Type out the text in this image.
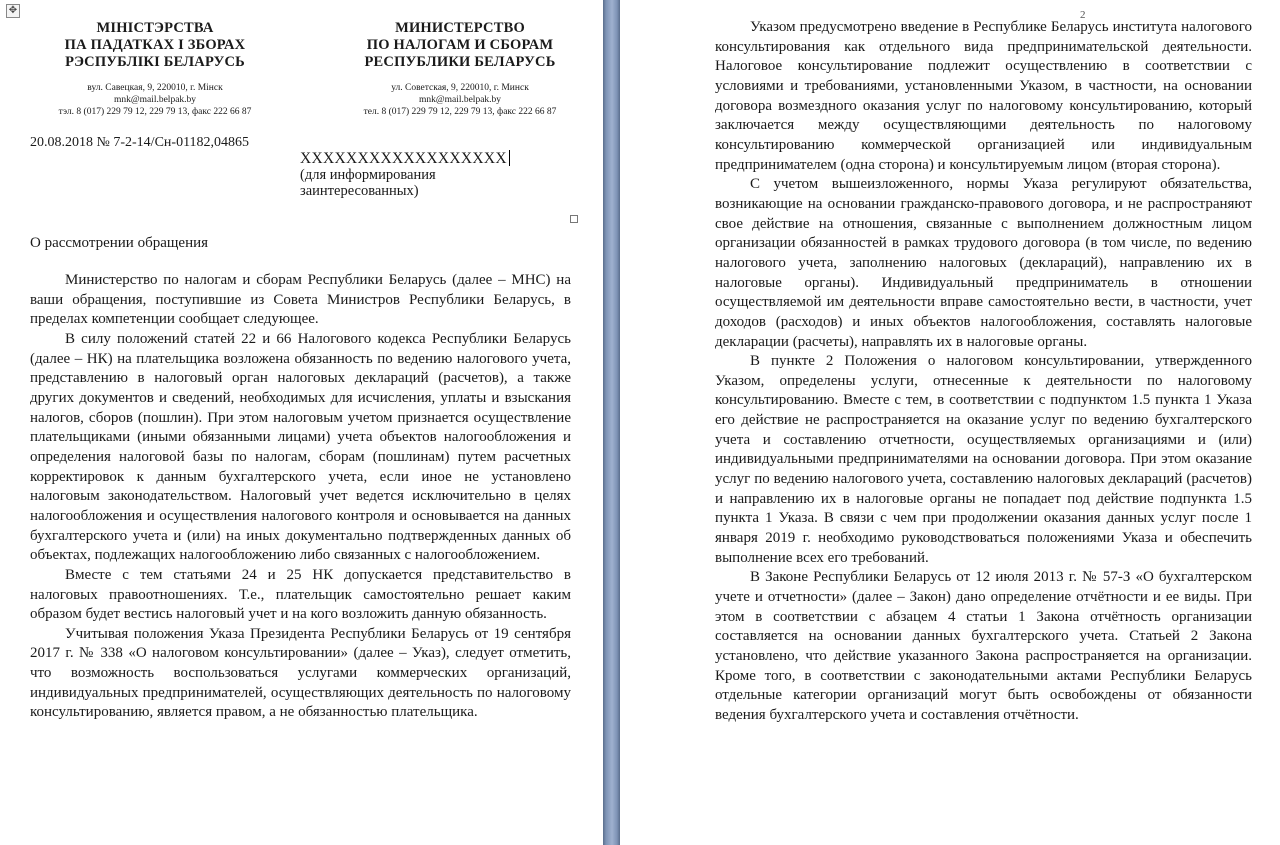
✥
МІНІСТЭРСТВА
ПА ПАДАТКАХ І ЗБОРАХ
РЭСПУБЛІКІ БЕЛАРУСЬ
вул. Савецкая, 9, 220010, г. Мінск
mnk@mail.belpak.by
тэл. 8 (017) 229 79 12, 229 79 13, факс 222 66 87
МИНИСТЕРСТВО
ПО НАЛОГАМ И СБОРАМ
РЕСПУБЛИКИ БЕЛАРУСЬ
ул. Советская, 9, 220010, г. Минск
mnk@mail.belpak.by
тел. 8 (017) 229 79 12, 229 79 13, факс 222 66 87
20.08.2018 № 7-2-14/Сн-01182,04865
XXXXXXXXXXXXXXXXXX
(для информирования
заинтересованных)
О рассмотрении обращения

Министерство по налогам и сборам Республики Беларусь (далее – МНС) на ваши обращения, поступившие из Совета Министров Республики Беларусь, в пределах компетенции сообщает следующее.

В силу положений статей 22 и 66 Налогового кодекса Республики Беларусь (далее – НК) на плательщика возложена обязанность по ведению налогового учета, представлению в налоговый орган налоговых деклараций (расчетов), а также других документов и сведений, необходимых для исчисления, уплаты и взыскания налогов, сборов (пошлин). При этом налоговым учетом признается осуществление плательщиками (иными обязанными лицами) учета объектов налогообложения и определения налоговой базы по налогам, сборам (пошлинам) путем расчетных корректировок к данным бухгалтерского учета, если иное не установлено налоговым законодательством. Налоговый учет ведется исключительно в целях налогообложения и осуществления налогового контроля и основывается на данных бухгалтерского учета и (или) на иных документально подтвержденных данных об объектах, подлежащих налогообложению либо связанных с налогообложением.

Вместе с тем статьями 24 и 25 НК допускается представительство в налоговых правоотношениях. Т.е., плательщик самостоятельно решает каким образом будет вестись налоговый учет и на кого возложить данную обязанность.

Учитывая положения Указа Президента Республики Беларусь от 19 сентября 2017 г. № 338 «О налоговом консультировании» (далее – Указ), следует отметить, что возможность воспользоваться услугами коммерческих организаций, индивидуальных предпринимателей, осуществляющих деятельность по налоговому консультированию, является правом, а не обязанностью плательщика.

2

Указом предусмотрено введение в Республике Беларусь института налогового консультирования как отдельного вида предпринимательской деятельности. Налоговое консультирование подлежит осуществлению в соответствии с условиями и требованиями, установленными Указом, в частности, на основании договора возмездного оказания услуг по налоговому консультированию, который заключается между осуществляющими деятельность по налоговому консультированию коммерческой организацией или индивидуальным предпринимателем (одна сторона) и консультируемым лицом (вторая сторона).

С учетом вышеизложенного, нормы Указа регулируют обязательства, возникающие на основании гражданско-правового договора, и не распространяют свое действие на отношения, связанные с выполнением должностным лицом организации обязанностей в рамках трудового договора (в том числе, по ведению налогового учета, заполнению налоговых (деклараций), направлению их в налоговые органы). Индивидуальный предприниматель в отношении осуществляемой им деятельности вправе самостоятельно вести, в частности, учет доходов (расходов) и иных объектов налогообложения, составлять налоговые декларации (расчеты), направлять их в налоговые органы.

В пункте 2 Положения о налоговом консультировании, утвержденного Указом, определены услуги, отнесенные к деятельности по налоговому консультированию. Вместе с тем, в соответствии с подпунктом 1.5 пункта 1 Указа его действие не распространяется на оказание услуг по ведению бухгалтерского учета и составлению отчетности, осуществляемых организациями и (или) индивидуальными предпринимателями на основании договора. При этом оказание услуг по ведению налогового учета, составлению налоговых деклараций (расчетов) и направлению их в налоговые органы не попадает под действие подпункта 1.5 пункта 1 Указа. В связи с чем при продолжении оказания данных услуг после 1 января 2019 г. необходимо руководствоваться положениями Указа и обеспечить выполнение всех его требований.

В Законе Республики Беларусь от 12 июля 2013 г. № 57-З «О бухгалтерском учете и отчетности» (далее – Закон) дано определение отчётности и ее виды. При этом в соответствии с абзацем 4 статьи 1 Закона отчётность организации составляется на основании данных бухгалтерского учета. Статьей 2 Закона установлено, что действие указанного Закона распространяется на организации. Кроме того, в соответствии с законодательными актами Республики Беларусь отдельные категории организаций могут быть освобождены от обязанности ведения бухгалтерского учета и составления отчётности.
